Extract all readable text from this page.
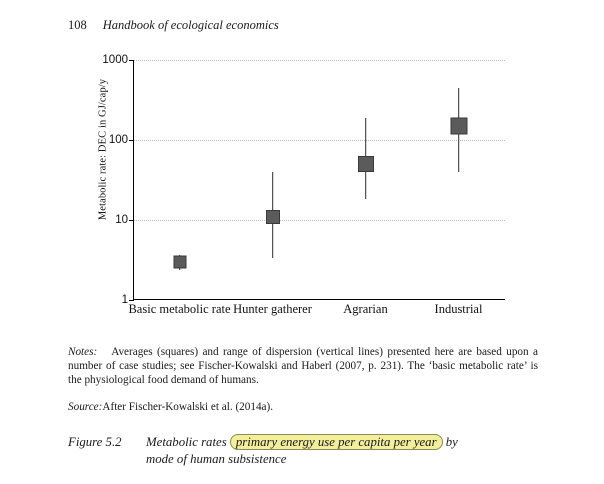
108 Handbook of ecological economics
Metabolic rate: DEC in GJ/cap/y
1000
100
10
1
Basic metabolic rate Hunter gatherer	Agrarian	Industrial
Notes: Averages (squares) and range of dispersion (vertical lines) presented here are based upon a number of case studies; see Fischer-Kowalski and Haberl (2007, p. 231). The ‘basic metabolic rate’ is the physiological food demand of humans.
Source:After Fischer-Kowalski et al. (2014a).
Figure 5.2 Metabolic rates primary energy use per capita per year by
mode of human subsistence
